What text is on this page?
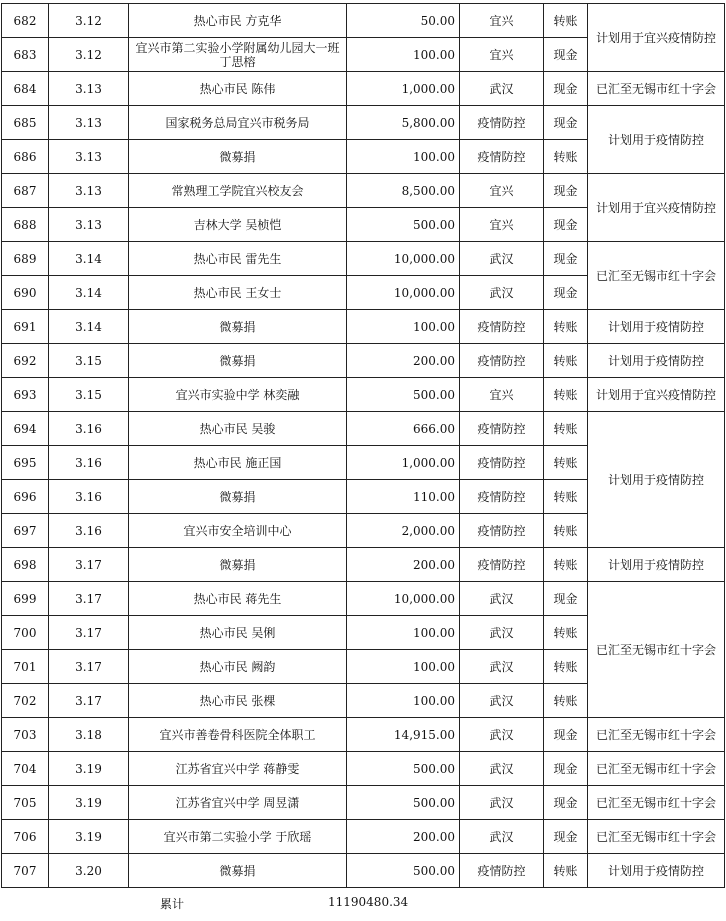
682	3.12	热心市民 方克华	50.00	宜兴	转账	计划用于宜兴疫情防控
683	3.12	宜兴市第二实验小学附属幼儿园大一班 丁思榕	100.00	宜兴	现金	
684	3.13	热心市民 陈伟	1,000.00	武汉	现金	已汇至无锡市红十字会
685	3.13	国家税务总局宜兴市税务局	5,800.00	疫情防控	现金	计划用于疫情防控
686	3.13	微募捐	100.00	疫情防控	转账	
687	3.13	常熟理工学院宜兴校友会	8,500.00	宜兴	现金	计划用于宜兴疫情防控
688	3.13	吉林大学 吴桢恺	500.00	宜兴	现金	
689	3.14	热心市民 雷先生	10,000.00	武汉	现金	已汇至无锡市红十字会
690	3.14	热心市民 王女士	10,000.00	武汉	现金	
691	3.14	微募捐	100.00	疫情防控	转账	计划用于疫情防控
692	3.15	微募捐	200.00	疫情防控	转账	计划用于疫情防控
693	3.15	宜兴市实验中学 林奕融	500.00	宜兴	转账	计划用于宜兴疫情防控
694	3.16	热心市民 吴骏	666.00	疫情防控	转账	计划用于疫情防控
695	3.16	热心市民 施正国	1,000.00	疫情防控	转账	
696	3.16	微募捐	110.00	疫情防控	转账	
697	3.16	宜兴市安全培训中心	2,000.00	疫情防控	转账	
698	3.17	微募捐	200.00	疫情防控	转账	计划用于疫情防控
699	3.17	热心市民 蒋先生	10,000.00	武汉	现金	已汇至无锡市红十字会
700	3.17	热心市民 吴俐	100.00	武汉	转账	
701	3.17	热心市民 阙韵	100.00	武汉	转账	
702	3.17	热心市民 张棵	100.00	武汉	转账	
703	3.18	宜兴市善卷骨科医院全体职工	14,915.00	武汉	现金	已汇至无锡市红十字会
704	3.19	江苏省宜兴中学 蒋静雯	500.00	武汉	现金	已汇至无锡市红十字会
705	3.19	江苏省宜兴中学 周昱潇	500.00	武汉	现金	已汇至无锡市红十字会
706	3.19	宜兴市第二实验小学 于欣瑶	200.00	武汉	现金	已汇至无锡市红十字会
707	3.20	微募捐	500.00	疫情防控	转账	计划用于疫情防控
累计	11190480.34
